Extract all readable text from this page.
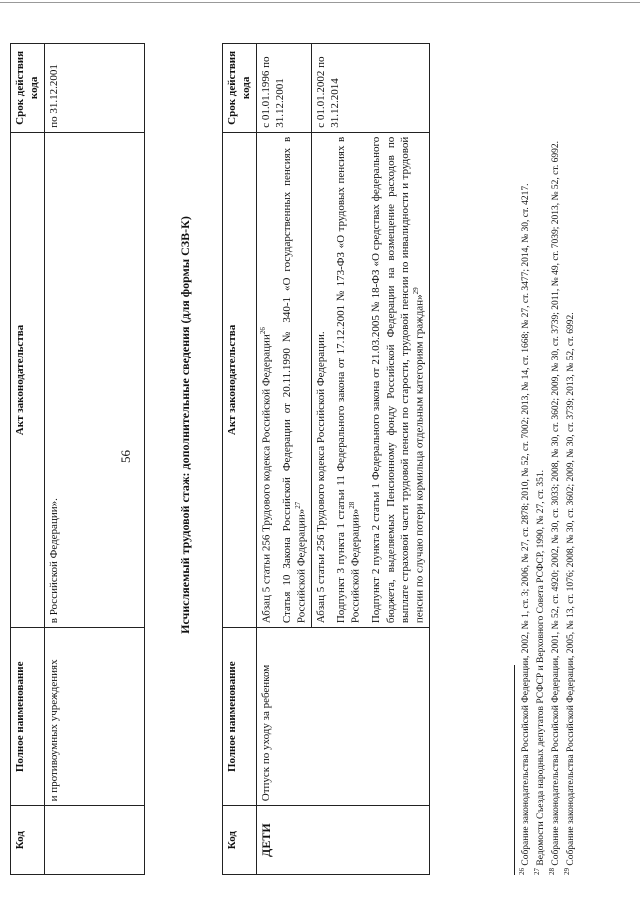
56
Код	Полное наименование	Акт законодательства	Срок действия кода
	и противоумных учреждениях	в Российской Федерации».	по 31.12.2001
Исчисляемый трудовой стаж: дополнительные сведения (для формы СЗВ-К)
Код	Полное наименование	Акт законодательства	Срок действия кода
ДЕТИ	Отпуск по уходу за ребенком	Абзац 5 статьи 256 Трудового кодекса Российской Федерации$^{26}$ Статья 10 Закона Российской Федерации от 20.11.1990 № 340-1 «О государственных пенсиях в Российской Федерации»$^{27}$	с 01.01.1996 по 31.12.2001

		Абзац 5 статьи 256 Трудового кодекса Российской Федерации. Подпункт 3 пункта 1 статьи 11 Федерального закона от 17.12.2001 № 173-ФЗ «О трудовых пенсиях в Российской Федерации»$^{28}$ Подпункт 2 пункта 2 статьи 1 Федерального закона от 21.03.2005 № 18-ФЗ «О средствах федерального бюджета, выделяемых Пенсионному фонду Российской Федерации на возмещение расходов по выплате страховой части трудовой пенсии по старости, трудовой пенсии по инвалидности и трудовой пенсии по случаю потери кормильца отдельным категориям граждан»$^{29}$	с 01.01.2002 по 31.12.2014

$^{26}$ Собрание законодательства Российской Федерации, 2002, № 1, ст. 3; 2006, № 27, ст. 2878; 2010, № 52, ст. 7002; 2013, № 14, ст. 1668; № 27, ст. 3477; 2014, № 30, ст. 4217.

$^{27}$ Ведомости Съезда народных депутатов РСФСР и Верховного Совета РСФСР, 1990, № 27, ст. 351.

$^{28}$ Собрание законодательства Российской Федерации, 2001, № 52, ст. 4920; 2002, № 30, ст. 3033; 2008, № 30, ст. 3602; 2009, № 30, ст. 3739; 2011, № 49, ст. 7039; 2013, № 52, ст. 6992.

$^{29}$ Собрание законодательства Российской Федерации, 2005, № 13, ст. 1076; 2008, № 30, ст. 3602; 2009, № 30, ст. 3739; 2013, № 52, ст. 6992.
